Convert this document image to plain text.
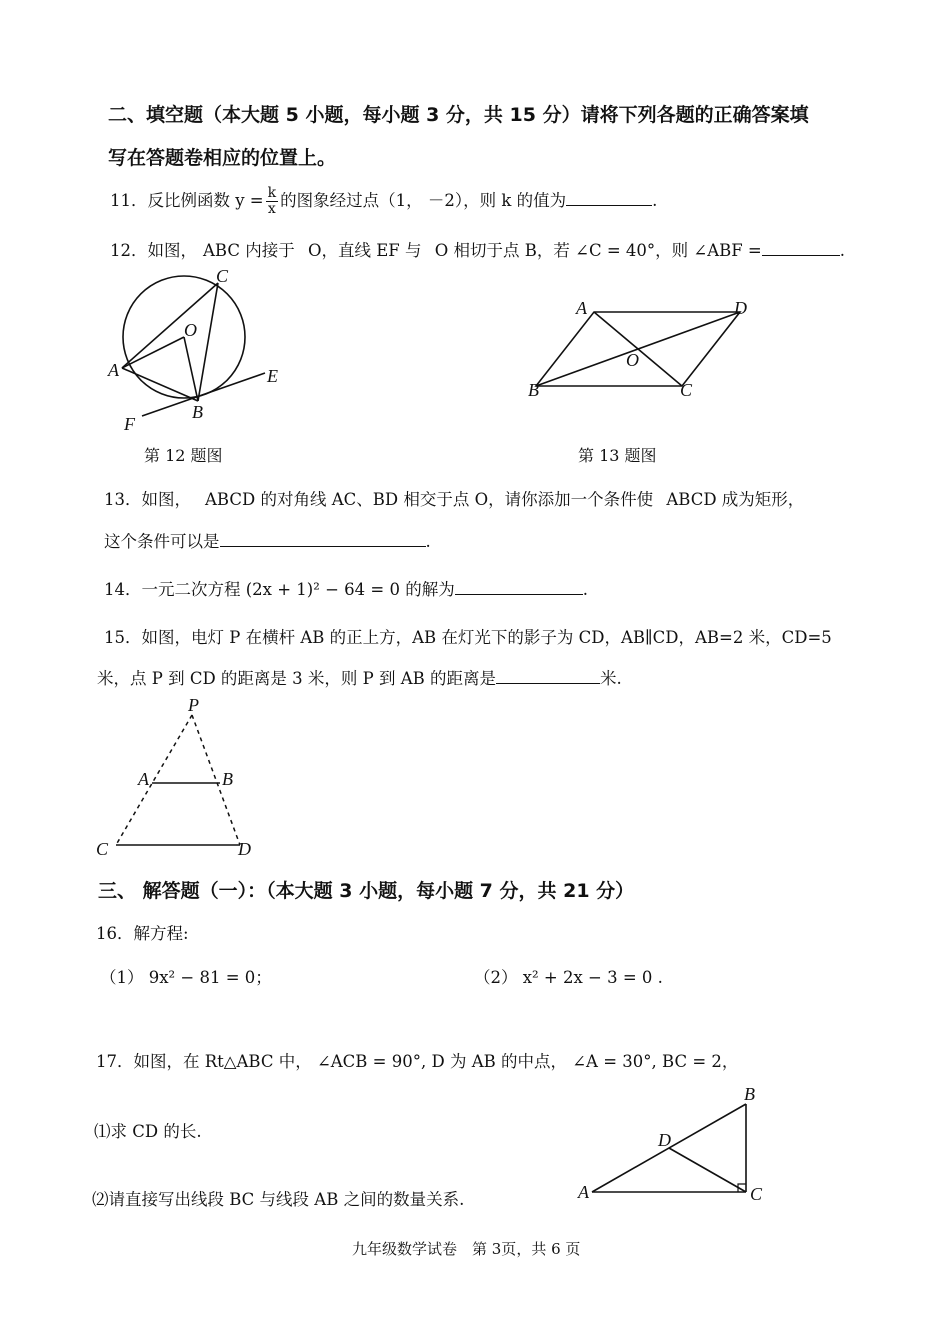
二、填空题（本大题 5 小题，每小题 3 分，共 15 分）请将下列各题的正确答案填
写在答题卷相应的位置上。
11．反比例函数 $y = \frac{k}{x}$ 的图象经过点（1， －2），则 k 的值为	.
12．如图， ABC 内接于 O，直线 EF 与 O 相切于点 B，若 ∠C = 40°，则 ∠ABF =	.
C
O
A	E
B
F
第 12 题图
A	D
O
B	C
第 13 题图
13．如图， ABCD 的对角线 AC、BD 相交于点 O，请你添加一个条件使 ABCD 成为矩形，
这个条件可以是	.
14．一元二次方程 (2x + 1)² − 64 = 0 的解为	.
15．如图，电灯 P 在横杆 AB 的正上方，AB 在灯光下的影子为 CD，AB∥CD，AB=2 米，CD=5
米，点 P 到 CD 的距离是 3 米，则 P 到 AB 的距离是	米.
P
A	B
C	D
三、 解答题（一）：（本大题 3 小题，每小题 7 分，共 21 分）
16．解方程:
（1） 9x² − 81 = 0；	（2） x² + 2x − 3 = 0 .
17．如图，在 Rt△ABC 中， ∠ACB = 90°, D 为 AB 的中点， ∠A = 30°, BC = 2，
⑴求 CD 的长.
⑵请直接写出线段 BC 与线段 AB 之间的数量关系.
B
D
A	C
九年级数学试卷　第 3页，共 6 页
